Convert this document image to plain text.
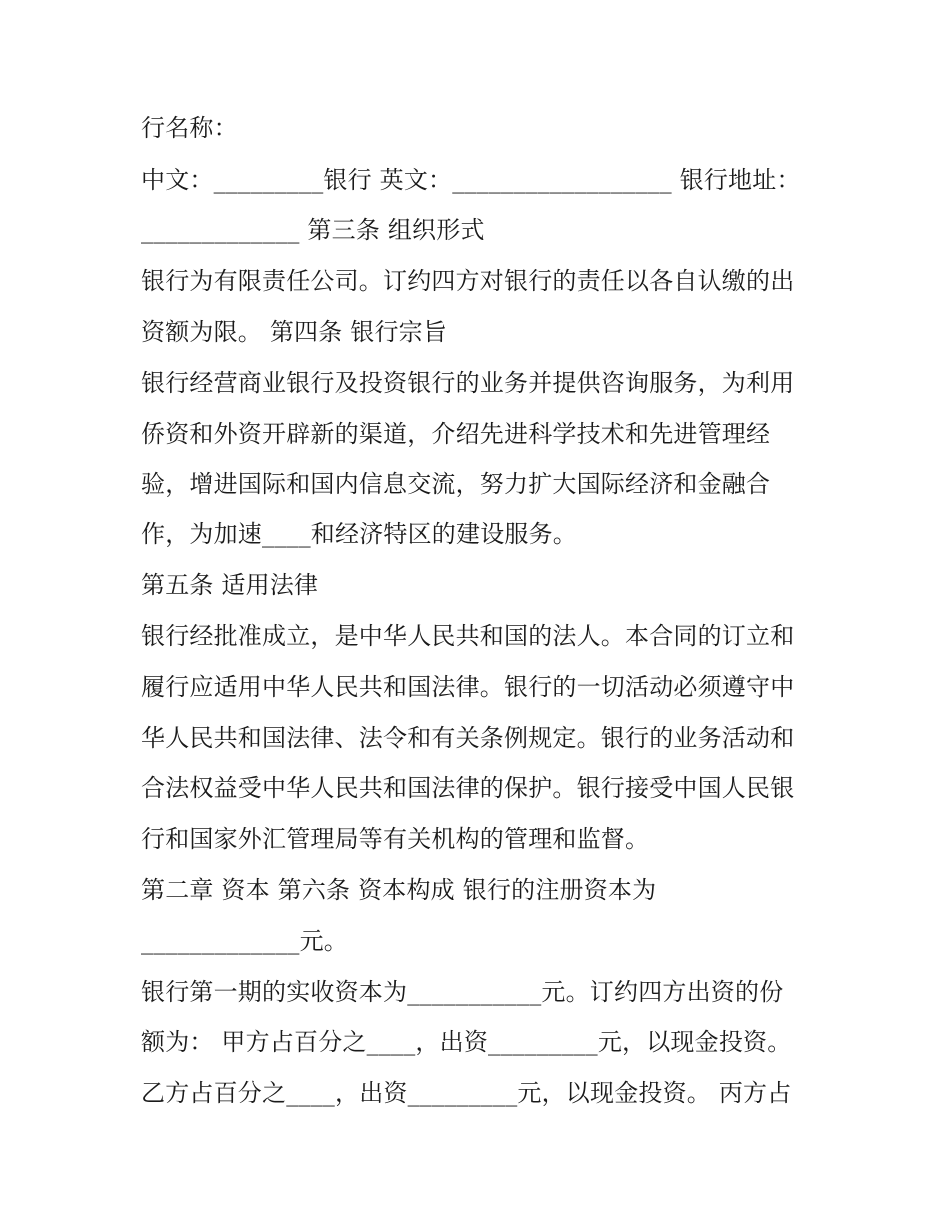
行名称：
中文：_________银行 英文：__________________ 银行地址：
_____________ 第三条 组织形式
银行为有限责任公司。订约四方对银行的责任以各自认缴的出
资额为限。 第四条 银行宗旨
银行经营商业银行及投资银行的业务并提供咨询服务，为利用
侨资和外资开辟新的渠道，介绍先进科学技术和先进管理经
验，增进国际和国内信息交流，努力扩大国际经济和金融合
作，为加速____和经济特区的建设服务。
第五条 适用法律
银行经批准成立，是中华人民共和国的法人。本合同的订立和
履行应适用中华人民共和国法律。银行的一切活动必须遵守中
华人民共和国法律、法令和有关条例规定。银行的业务活动和
合法权益受中华人民共和国法律的保护。银行接受中国人民银
行和国家外汇管理局等有关机构的管理和监督。
第二章 资本 第六条 资本构成 银行的注册资本为
_____________元。
银行第一期的实收资本为___________元。订约四方出资的份
额为： 甲方占百分之____，出资_________元，以现金投资。
乙方占百分之____，出资_________元，以现金投资。 丙方占
